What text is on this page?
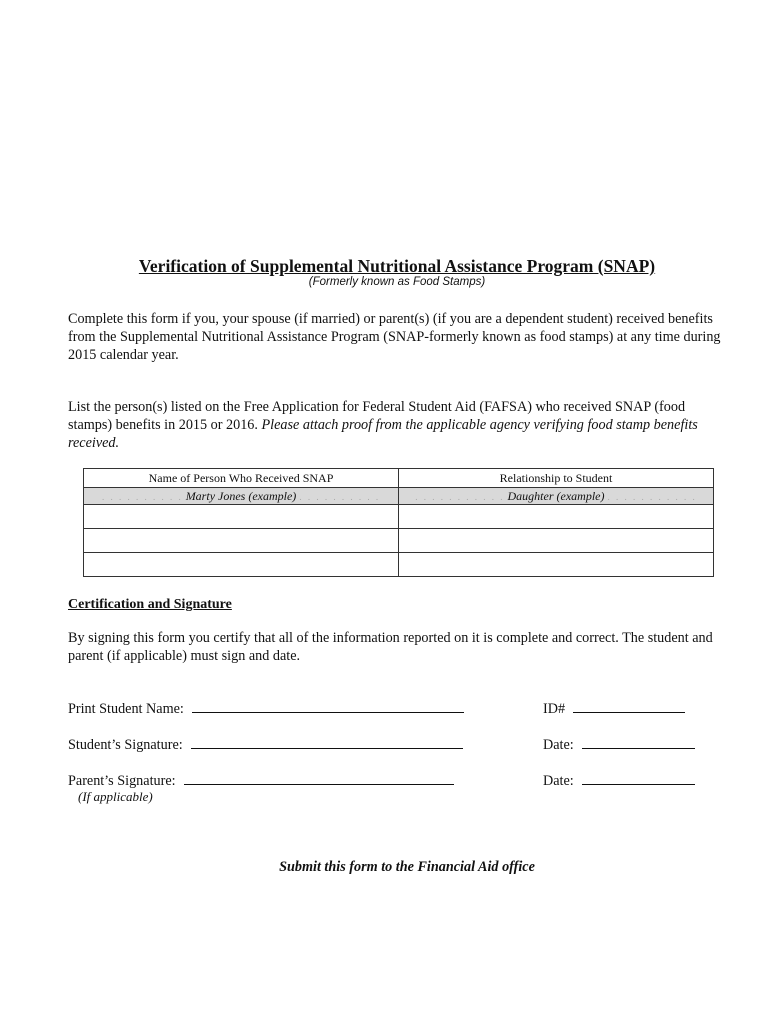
Verification of Supplemental Nutritional Assistance Program (SNAP)
(Formerly known as Food Stamps)
Complete this form if you, your spouse (if married) or parent(s) (if you are a dependent student) received benefits from the Supplemental Nutritional Assistance Program (SNAP-formerly known as food stamps) at any time during 2015 calendar year.
List the person(s) listed on the Free Application for Federal Student Aid (FAFSA) who received SNAP (food stamps) benefits in 2015 or 2016. Please attach proof from the applicable agency verifying food stamp benefits received.
Name of Person Who Received SNAP	Relationship to Student
. . . . . . . . . . Marty Jones (example) . . . . . . . . . .	. . . . . . . . . . . Daughter (example) . . . . . . . . . . .

Certification and Signature
By signing this form you certify that all of the information reported on it is complete and correct. The student and parent (if applicable) must sign and date.
Print Student Name:	ID#
Student’s Signature:	Date:
Parent’s Signature:	Date:
(If applicable)
Submit this form to the Financial Aid office
